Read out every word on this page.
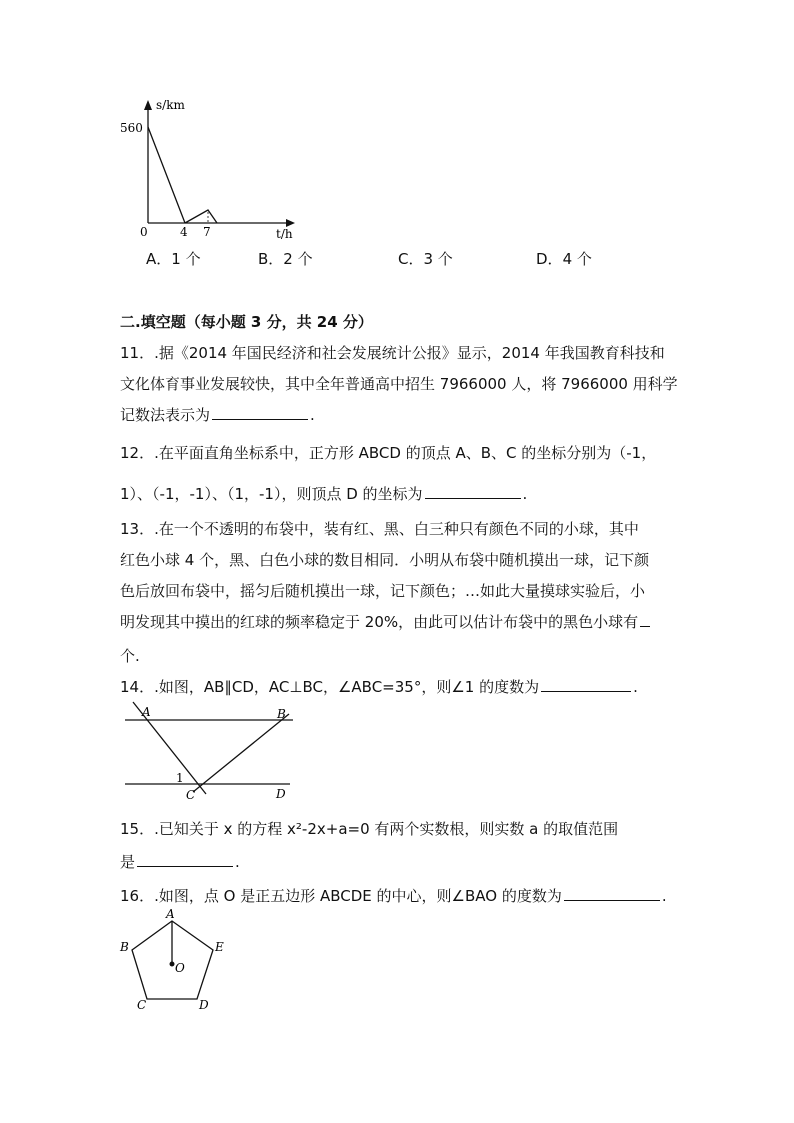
s/km
560
0	4 7	t/h
A．1 个	B．2 个	C．3 个	D．4 个
二.填空题（每小题 3 分，共 24 分）
11．.据《2014 年国民经济和社会发展统计公报》显示，2014 年我国教育科技和
文化体育事业发展较快，其中全年普通高中招生 7966000 人，将 7966000 用科学
记数法表示为	.
12．.在平面直角坐标系中，正方形 ABCD 的顶点 A、B、C 的坐标分别为（-1，
1）、（-1，-1）、（1，-1），则顶点 D 的坐标为	.
13．.在一个不透明的布袋中，装有红、黑、白三种只有颜色不同的小球，其中
红色小球 4 个，黑、白色小球的数目相同．小明从布袋中随机摸出一球，记下颜
色后放回布袋中，摇匀后随机摸出一球，记下颜色；…如此大量摸球实验后，小
明发现其中摸出的红球的频率稳定于 20%，由此可以估计布袋中的黑色小球有
个.
14．.如图，AB∥CD，AC⊥BC，∠ABC=35°，则∠1 的度数为	.
A	B
C	D
1
15．.已知关于 x 的方程 x²-2x+a=0 有两个实数根，则实数 a 的取值范围
是	.
16．.如图，点 O 是正五边形 ABCDE 的中心，则∠BAO 的度数为	.
A
B
C	D
E
O
